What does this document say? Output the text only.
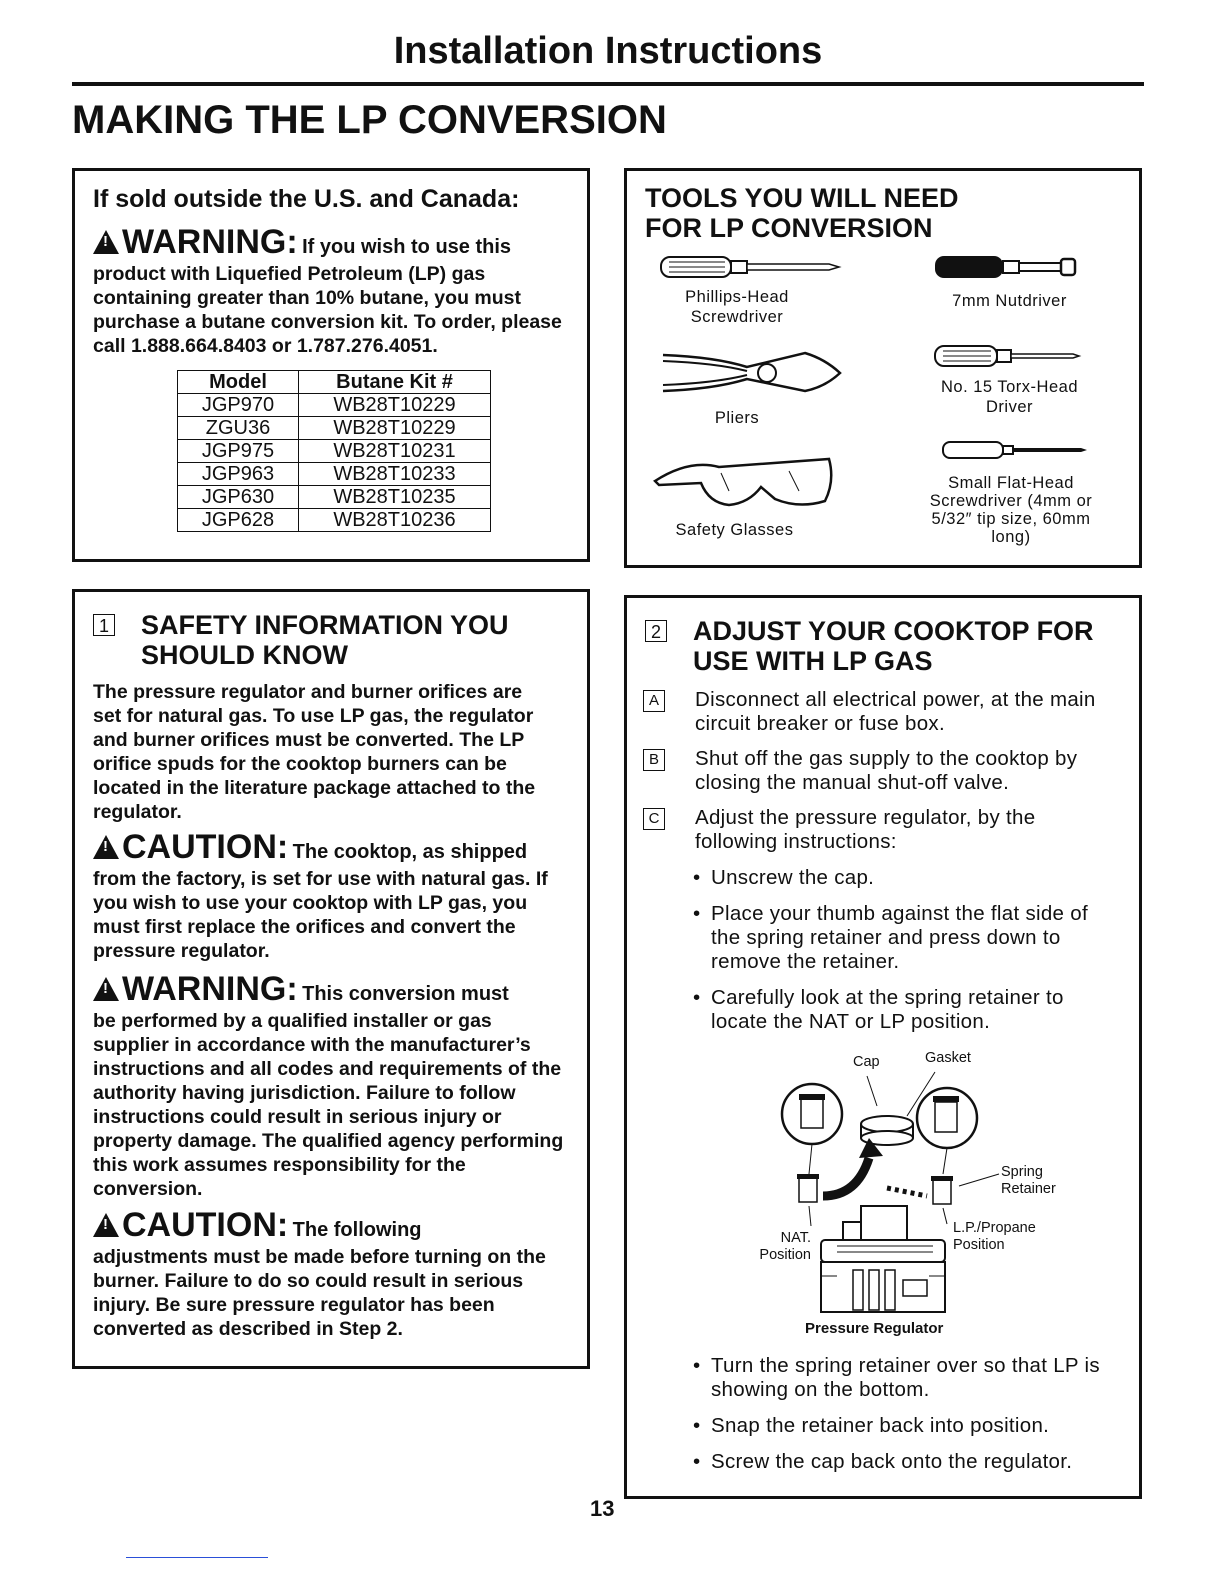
Installation Instructions
MAKING THE LP CONVERSION
If sold outside the U.S. and Canada:
!WARNING: If you wish to use this
product with Liquefied Petroleum (LP) gas containing greater than 10% butane, you must purchase a butane conversion kit. To order, please call 1.888.664.8403 or 1.787.276.4051.
Model	Butane Kit #
JGP970	WB28T10229
ZGU36	WB28T10229
JGP975	WB28T10231
JGP963	WB28T10233
JGP630	WB28T10235
JGP628	WB28T10236
TOOLS YOU WILL NEED
FOR LP CONVERSION
Phillips-Head Screwdriver
7mm Nutdriver
Pliers
No. 15 Torx-Head Driver
Safety Glasses
Small Flat-Head Screwdriver (4mm or 5/32″ tip size, 60mm long)
1 SAFETY INFORMATION YOU
SHOULD KNOW
The pressure regulator and burner orifices are set for natural gas. To use LP gas, the regulator and burner orifices must be converted. The LP orifice spuds for the cooktop burners can be located in the literature package attached to the regulator.
!CAUTION: The cooktop, as shipped
from the factory, is set for use with natural gas. If you wish to use your cooktop with LP gas, you must first replace the orifices and convert the pressure regulator.
!WARNING: This conversion must
be performed by a qualified installer or gas supplier in accordance with the manufacturer’s instructions and all codes and requirements of the authority having jurisdiction. Failure to follow instructions could result in serious injury or property damage. The qualified agency performing this work assumes responsibility for the conversion.
!CAUTION: The following
adjustments must be made before turning on the burner. Failure to do so could result in serious injury. Be sure pressure regulator has been converted as described in Step 2.
2 ADJUST YOUR COOKTOP FOR
USE WITH LP GAS
A Disconnect all electrical power, at the main circuit breaker or fuse box.
B Shut off the gas supply to the cooktop by closing the manual shut-off valve.
C Adjust the pressure regulator, by the following instructions:
• Unscrew the cap.
• Place your thumb against the flat side of the spring retainer and press down to remove the retainer.
• Carefully look at the spring retainer to locate the NAT or LP position.
Cap	Gasket
Spring Retainer
NAT. Position
L.P./Propane Position
Pressure Regulator
• Turn the spring retainer over so that LP is showing on the bottom.
• Snap the retainer back into position.
• Screw the cap back onto the regulator.
13
